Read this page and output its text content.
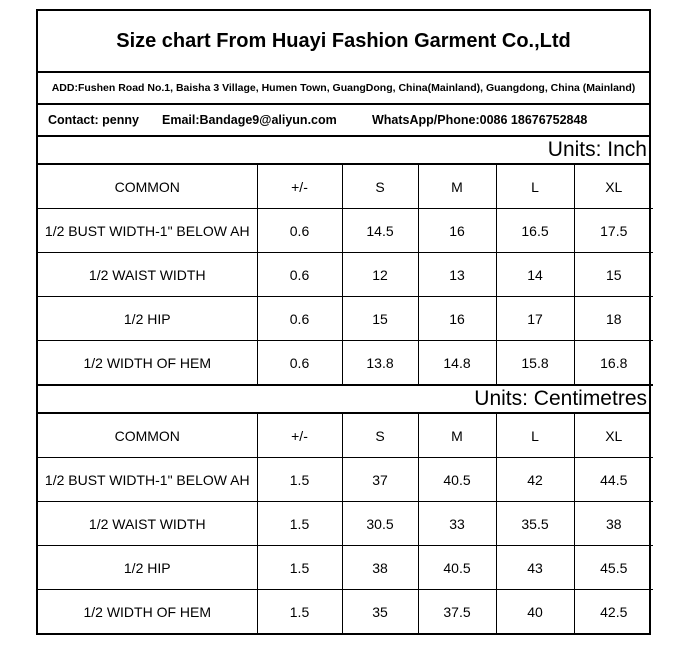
Size chart From Huayi Fashion Garment Co.,Ltd
ADD:Fushen Road No.1, Baisha 3 Village, Humen Town, GuangDong, China(Mainland), Guangdong, China (Mainland)
Contact: penny	Email:Bandage9@aliyun.com	WhatsApp/Phone:0086 18676752848
Units: Inch
COMMON	+/-	S	M	L	XL
1/2 BUST WIDTH-1" BELOW AH	0.6	14.5	16	16.5	17.5
1/2 WAIST WIDTH	0.6	12	13	14	15
1/2 HIP	0.6	15	16	17	18
1/2 WIDTH OF HEM	0.6	13.8	14.8	15.8	16.8
Units: Centimetres
COMMON	+/-	S	M	L	XL
1/2 BUST WIDTH-1" BELOW AH	1.5	37	40.5	42	44.5
1/2 WAIST WIDTH	1.5	30.5	33	35.5	38
1/2 HIP	1.5	38	40.5	43	45.5
1/2 WIDTH OF HEM	1.5	35	37.5	40	42.5
